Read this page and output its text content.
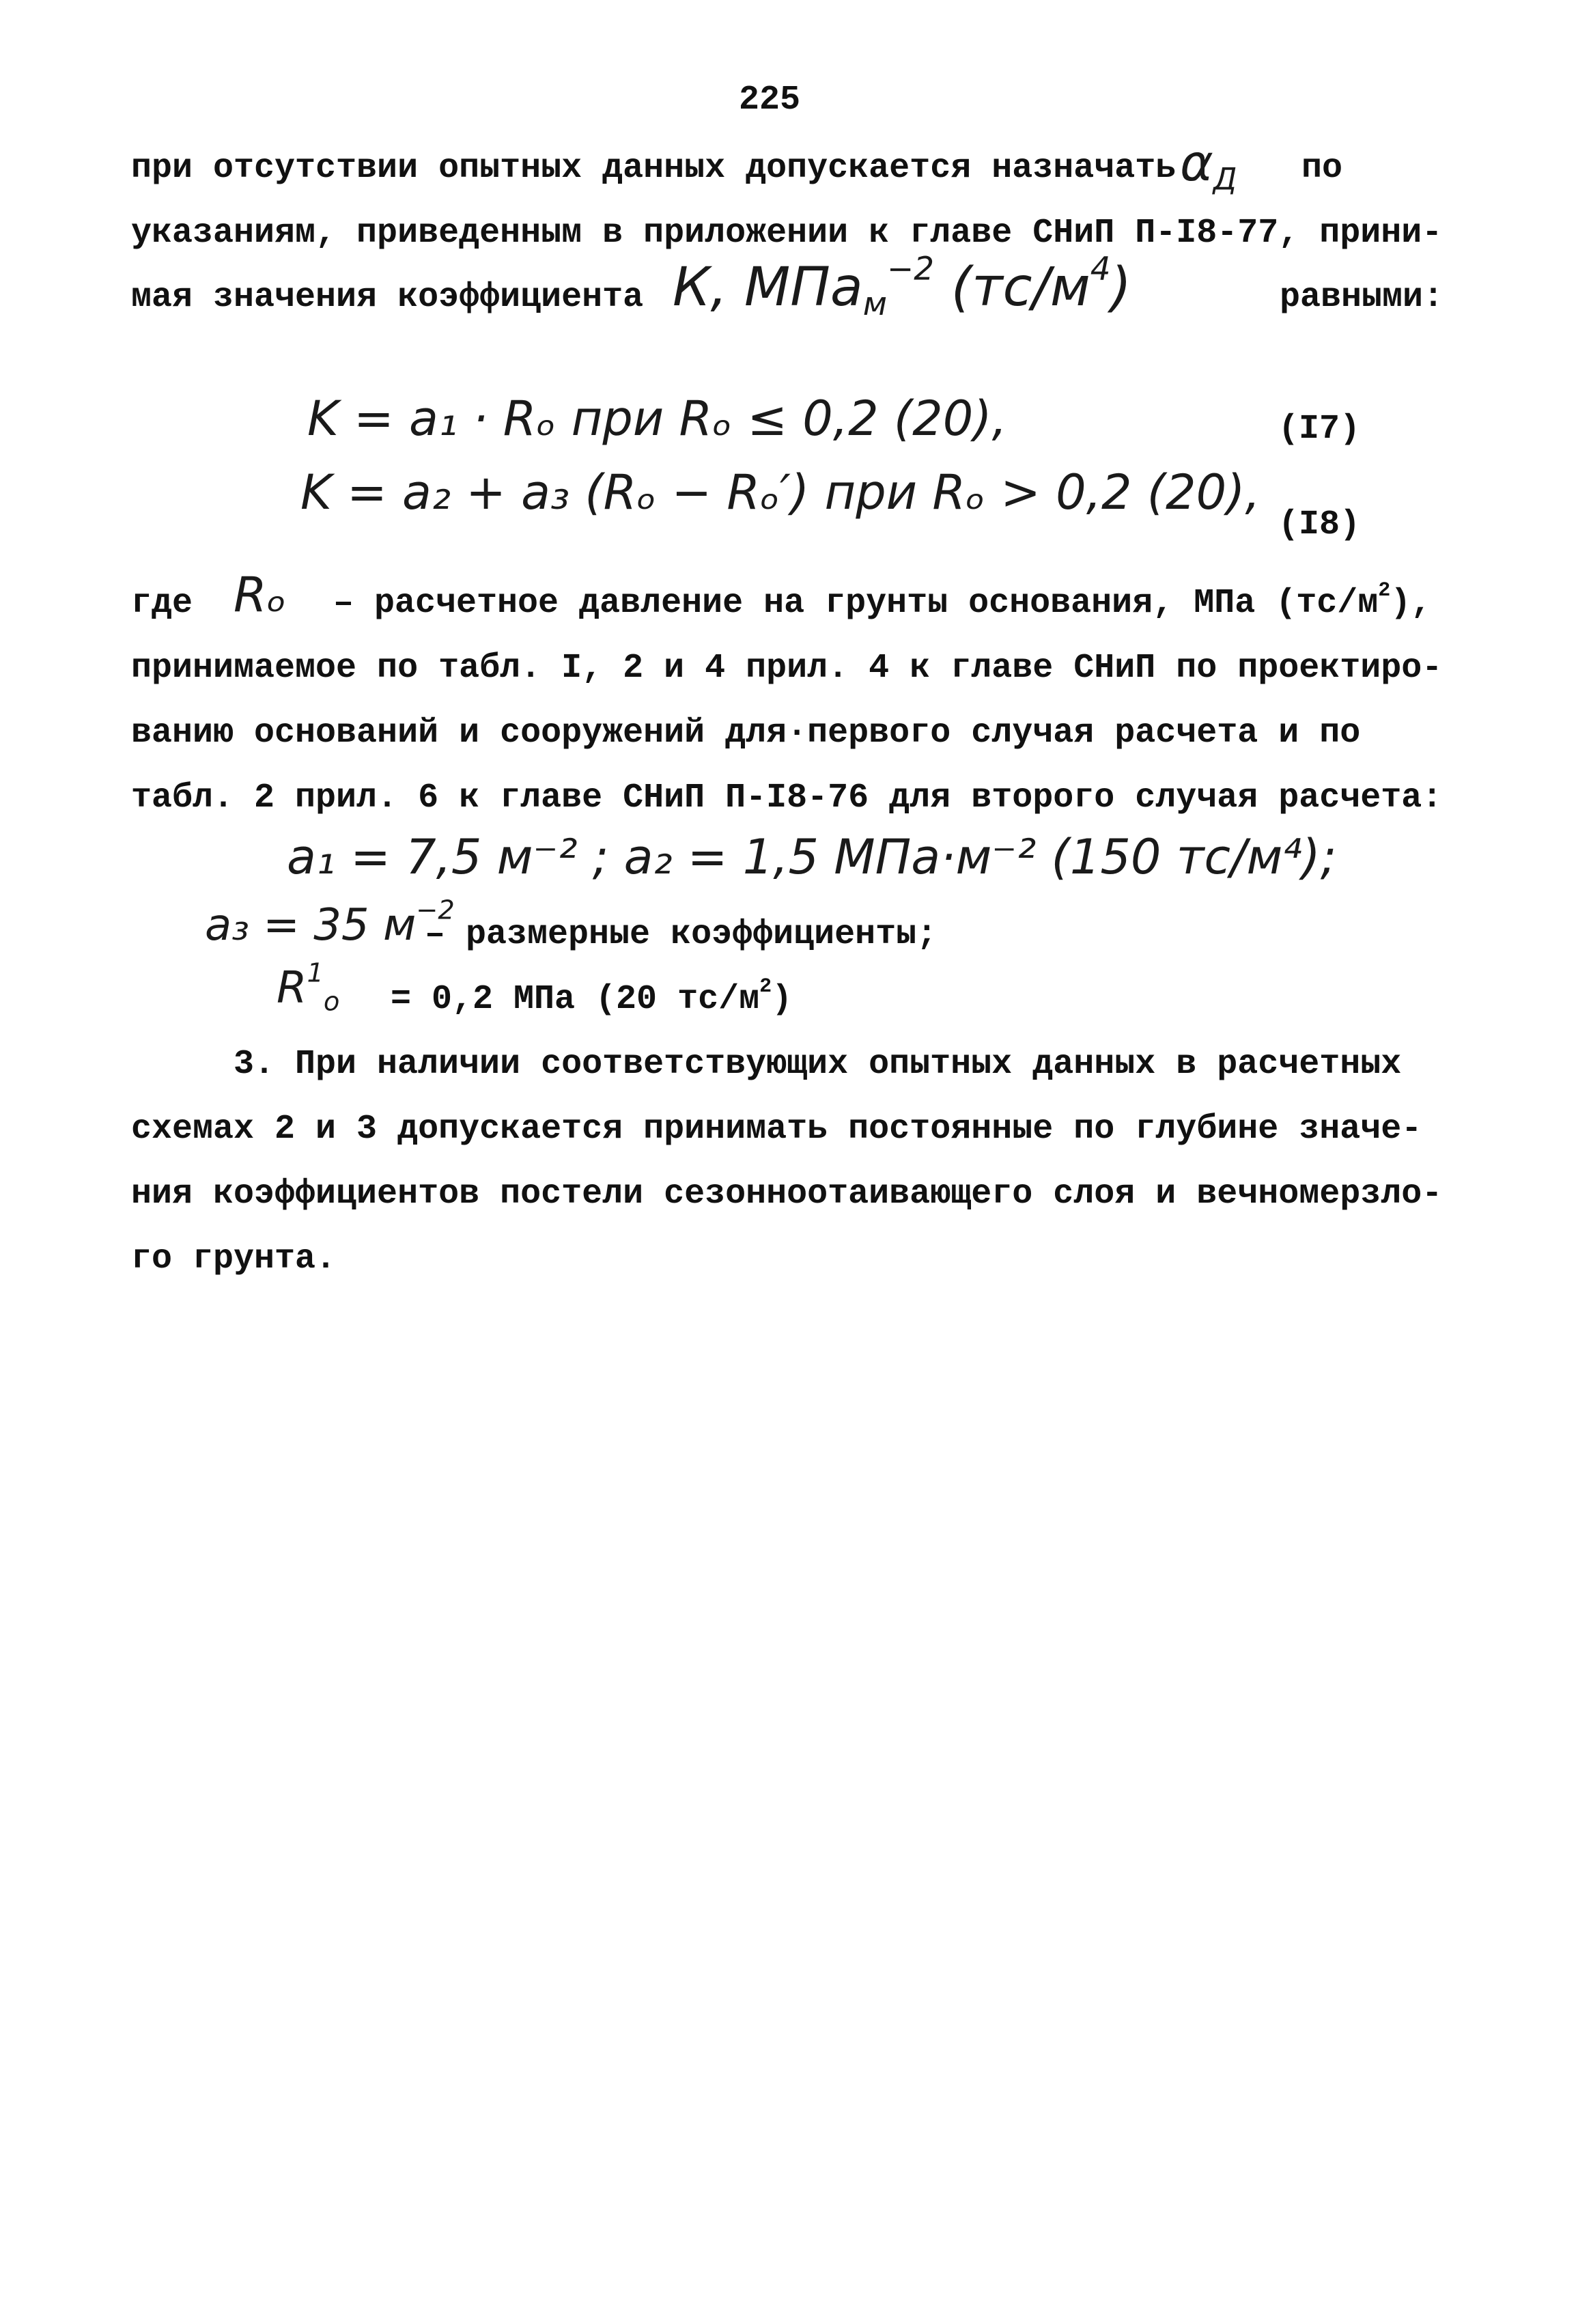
225
при отсутствии опытных данных допускается назначать $\alpha_Д$ по
указаниям, приведенным в приложении к главе СНиП П-I8-77, прини-
мая значения коэффициента К, МПа$_м^{-2}$ $(тс/м^4)$	равными:
K = a₁ · Rₒ при Rₒ ≤ 0,2 (20),	(I7)
K = a₂ + a₃ (Rₒ − Rₒ′) при Rₒ > 0,2 (20),
(I8)
где Rₒ – расчетное давление на грунты основания, МПа $(тс/м^2)$,
принимаемое по табл. I, 2 и 4 прил. 4 к главе СНиП по проектиро-
ванию оснований и сооружений для·первого случая расчета и по
табл. 2 прил. 6 к главе СНиП П-I8-76 для второго случая расчета:
a₁ = 7,5 м⁻² ; a₂ = 1,5 МПа·м⁻² (150 тс/м⁴);
a₃ = 35 $м^{-2}$
– размерные коэффициенты;
$R^1_o = 0,2$ МПа (20 $тс/м^2$)
3. При наличии соответствующих опытных данных в расчетных
схемах 2 и 3 допускается принимать постоянные по глубине значе-
ния коэффициентов постели сезонноотаивающего слоя и вечномерзло-
го грунта.
